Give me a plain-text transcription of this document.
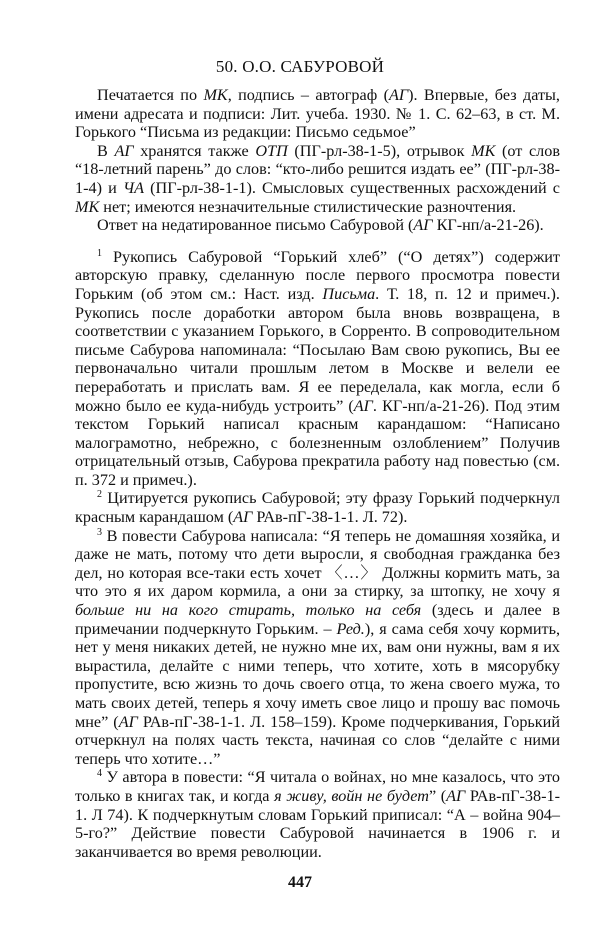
50. О.О. САБУРОВОЙ

Печатается по МК, подпись – автограф (АГ). Впервые, без даты, имени адресата и подписи: Лит. учеба. 1930. № 1. С. 62–63, в ст. М. Горького “Письма из редакции: Письмо седьмое”

В АГ хранятся также ОТП (ПГ-рл-38-1-5), отрывок МК (от слов “18-летний парень” до слов: “кто-либо решится издать ее” (ПГ-рл-38-1-4) и ЧА (ПГ-рл-38-1-1). Смысловых существенных расхождений с МК нет; имеются незначительные стилистические разночтения.

Ответ на недатированное письмо Сабуровой (АГ КГ-нп/а-21-26).

$^1$ Рукопись Сабуровой “Горький хлеб” (“О детях”) содержит авторскую правку, сделанную после первого просмотра повести Горьким (об этом см.: Наст. изд. Письма. Т. 18, п. 12 и примеч.). Рукопись после доработки автором была вновь возвращена, в соответствии с указанием Горького, в Сорренто. В сопроводительном письме Сабурова напоминала: “Посылаю Вам свою рукопись, Вы ее первоначально читали прошлым летом в Москве и велели ее переработать и прислать вам. Я ее переделала, как могла, если б можно было ее куда-нибудь устроить” (АГ. КГ-нп/а-21-26). Под этим текстом Горький написал красным карандашом: “Написано малограмотно, небрежно, с болезненным озлоблением” Получив отрицательный отзыв, Сабурова прекратила работу над повестью (см. п. 372 и примеч.).

$^2$ Цитируется рукопись Сабуровой; эту фразу Горький подчеркнул красным карандашом (АГ РАв-пГ-38-1-1. Л. 72).

$^3$ В повести Сабурова написала: “Я теперь не домашняя хозяйка, и даже не мать, потому что дети выросли, я свободная гражданка без дел, но которая все-таки есть хочет 〈…〉 Должны кормить мать, за что это я их даром кормила, а они за стирку, за штопку, не хочу я больше ни на кого стирать, только на себя (здесь и далее в примечании подчеркнуто Горьким. – Ред.), я сама себя хочу кормить, нет у меня никаких детей, не нужно мне их, вам они нужны, вам я их вырастила, делайте с ними теперь, что хотите, хоть в мясорубку пропустите, всю жизнь то дочь своего отца, то жена своего мужа, то мать своих детей, теперь я хочу иметь свое лицо и прошу вас помочь мне” (АГ РАв-пГ-38-1-1. Л. 158–159). Кроме подчеркивания, Горький отчеркнул на полях часть текста, начиная со слов “делайте с ними теперь что хотите…”

$^4$ У автора в повести: “Я читала о войнах, но мне казалось, что это только в книгах так, и когда я живу, войн не будет” (АГ РАв-пГ-38-1-1. Л 74). К подчеркнутым словам Горький приписал: “А – война 904–5-го?” Действие повести Сабуровой начинается в 1906 г. и заканчивается во время революции.

447
